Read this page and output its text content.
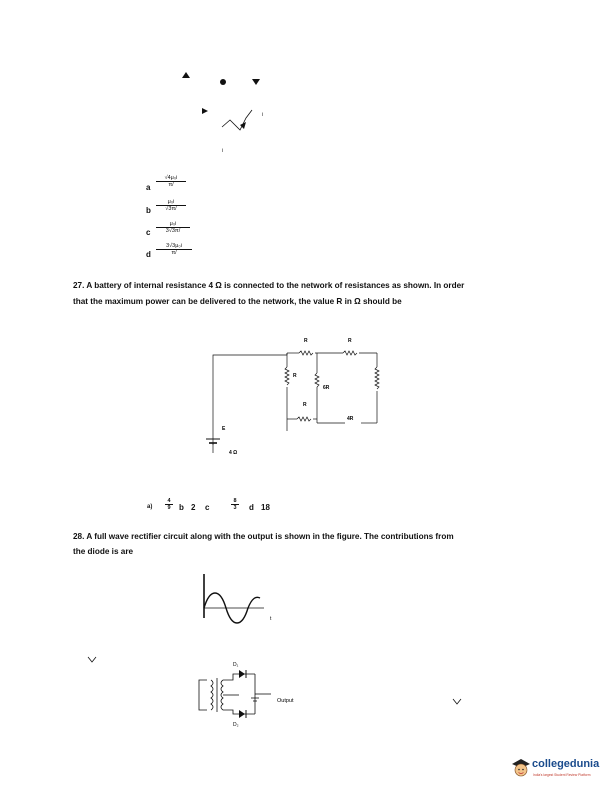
i
i
a $\frac{\text{√4μ₀i}}{\pi/}$
b $\frac{\text{μ₀i}}{√3\pi/}$
c $\frac{\text{μ₀i}}{3√3\pi/}$
d $\frac{\text{3√3μ₀i}}{\pi/}$
27. A battery of internal resistance 4 Ω is connected to the network of resistances as shown. In order
that the maximum power can be delivered to the network, the value R in Ω should be
R	R
R
R
6R
4R
E
4 Ω
$a) \frac{4}{9}$ b 2 c	$\frac{8}{3}$ d 18
28. A full wave rectifier circuit along with the output is shown in the figure. The contributions from
the diode is are
t
D₁
D₂
Output
collegedunia
India's largest Student Review Platform
